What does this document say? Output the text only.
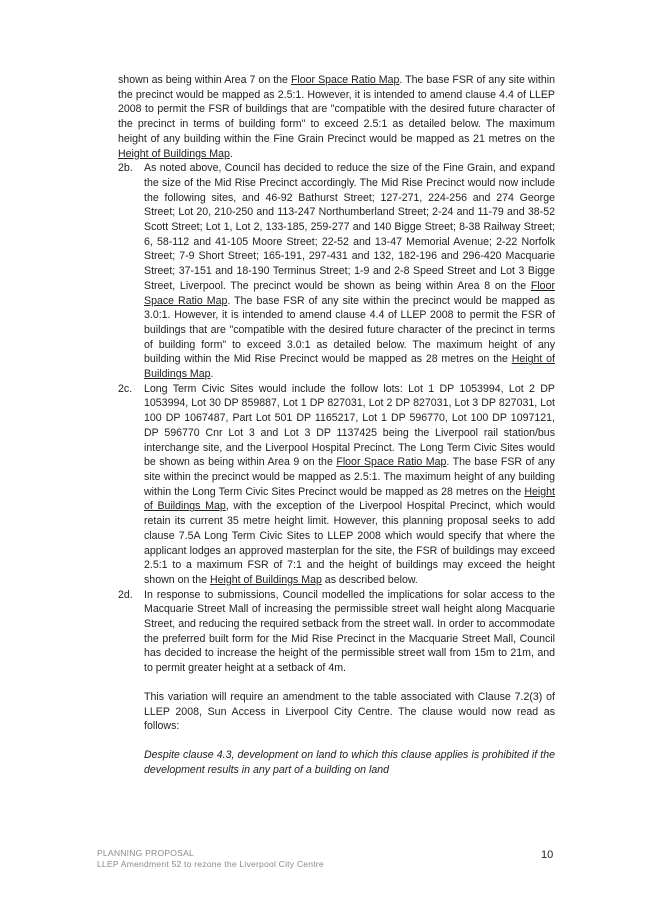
shown as being within Area 7 on the Floor Space Ratio Map. The base FSR of any site within the precinct would be mapped as 2.5:1. However, it is intended to amend clause 4.4 of LLEP 2008 to permit the FSR of buildings that are "compatible with the desired future character of the precinct in terms of building form" to exceed 2.5:1 as detailed below. The maximum height of any building within the Fine Grain Precinct would be mapped as 21 metres on the Height of Buildings Map.

2b. As noted above, Council has decided to reduce the size of the Fine Grain, and expand the size of the Mid Rise Precinct accordingly. The Mid Rise Precinct would now include the following sites, and 46-92 Bathurst Street; 127-271, 224-256 and 274 George Street; Lot 20, 210-250 and 113-247 Northumberland Street; 2-24 and 11-79 and 38-52 Scott Street; Lot 1, Lot 2, 133-185, 259-277 and 140 Bigge Street; 8-38 Railway Street; 6, 58-112 and 41-105 Moore Street; 22-52 and 13-47 Memorial Avenue; 2-22 Norfolk Street; 7-9 Short Street; 165-191, 297-431 and 132, 182-196 and 296-420 Macquarie Street; 37-151 and 18-190 Terminus Street; 1-9 and 2-8 Speed Street and Lot 3 Bigge Street, Liverpool. The precinct would be shown as being within Area 8 on the Floor Space Ratio Map. The base FSR of any site within the precinct would be mapped as 3.0:1. However, it is intended to amend clause 4.4 of LLEP 2008 to permit the FSR of buildings that are "compatible with the desired future character of the precinct in terms of building form" to exceed 3.0:1 as detailed below. The maximum height of any building within the Mid Rise Precinct would be mapped as 28 metres on the Height of Buildings Map.

2c. Long Term Civic Sites would include the follow lots: Lot 1 DP 1053994, Lot 2 DP 1053994, Lot 30 DP 859887, Lot 1 DP 827031, Lot 2 DP 827031, Lot 3 DP 827031, Lot 100 DP 1067487, Part Lot 501 DP 1165217, Lot 1 DP 596770, Lot 100 DP 1097121, DP 596770 Cnr Lot 3 and Lot 3 DP 1137425 being the Liverpool rail station/bus interchange site, and the Liverpool Hospital Precinct. The Long Term Civic Sites would be shown as being within Area 9 on the Floor Space Ratio Map. The base FSR of any site within the precinct would be mapped as 2.5:1. The maximum height of any building within the Long Term Civic Sites Precinct would be mapped as 28 metres on the Height of Buildings Map, with the exception of the Liverpool Hospital Precinct, which would retain its current 35 metre height limit. However, this planning proposal seeks to add clause 7.5A Long Term Civic Sites to LLEP 2008 which would specify that where the applicant lodges an approved masterplan for the site, the FSR of buildings may exceed 2.5:1 to a maximum FSR of 7:1 and the height of buildings may exceed the height shown on the Height of Buildings Map as described below.

2d. In response to submissions, Council modelled the implications for solar access to the Macquarie Street Mall of increasing the permissible street wall height along Macquarie Street, and reducing the required setback from the street wall. In order to accommodate the preferred built form for the Mid Rise Precinct in the Macquarie Street Mall, Council has decided to increase the height of the permissible street wall from 15m to 21m, and to permit greater height at a setback of 4m.

This variation will require an amendment to the table associated with Clause 7.2(3) of LLEP 2008, Sun Access in Liverpool City Centre. The clause would now read as follows:

Despite clause 4.3, development on land to which this clause applies is prohibited if the development results in any part of a building on land

PLANNING PROPOSAL
LLEP Amendment 52 to rezone the Liverpool City Centre
10
